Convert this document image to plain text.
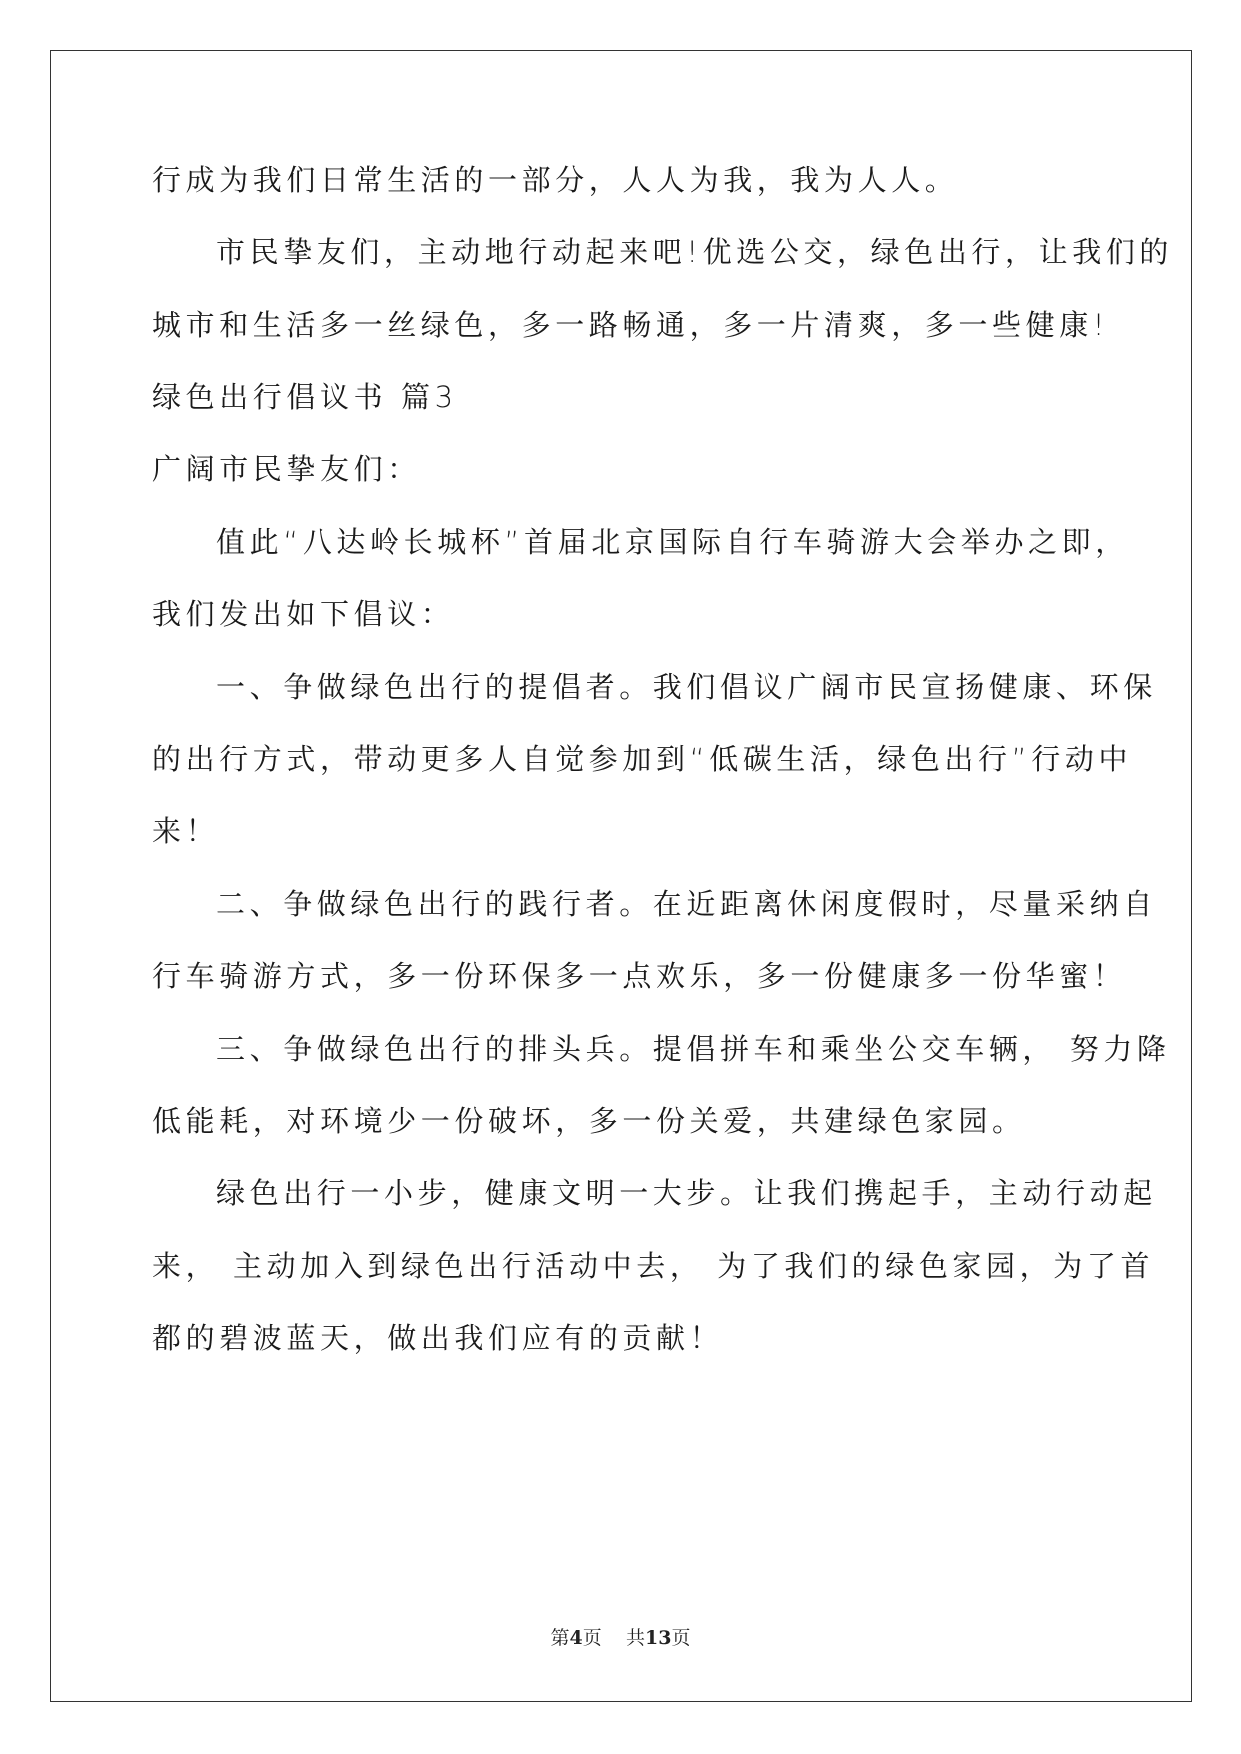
行成为我们日常生活的一部分，人人为我，我为人人。
市民挚友们，主动地行动起来吧!优选公交，绿色出行，让我们的
城市和生活多一丝绿色，多一路畅通，多一片清爽，多一些健康!
绿色出行倡议书 篇3
广阔市民挚友们：
值此“八达岭长城杯”首届北京国际自行车骑游大会举办之即，
我们发出如下倡议：
一、争做绿色出行的提倡者。我们倡议广阔市民宣扬健康、环保
的出行方式，带动更多人自觉参加到“低碳生活，绿色出行”行动中
来！
二、争做绿色出行的践行者。在近距离休闲度假时，尽量采纳自
行车骑游方式，多一份环保多一点欢乐，多一份健康多一份华蜜！
三、争做绿色出行的排头兵。提倡拼车和乘坐公交车辆， 努力降
低能耗，对环境少一份破坏，多一份关爱，共建绿色家园。
绿色出行一小步，健康文明一大步。让我们携起手，主动行动起
来， 主动加入到绿色出行活动中去， 为了我们的绿色家园，为了首
都的碧波蓝天，做出我们应有的贡献！
第4页 共13页
